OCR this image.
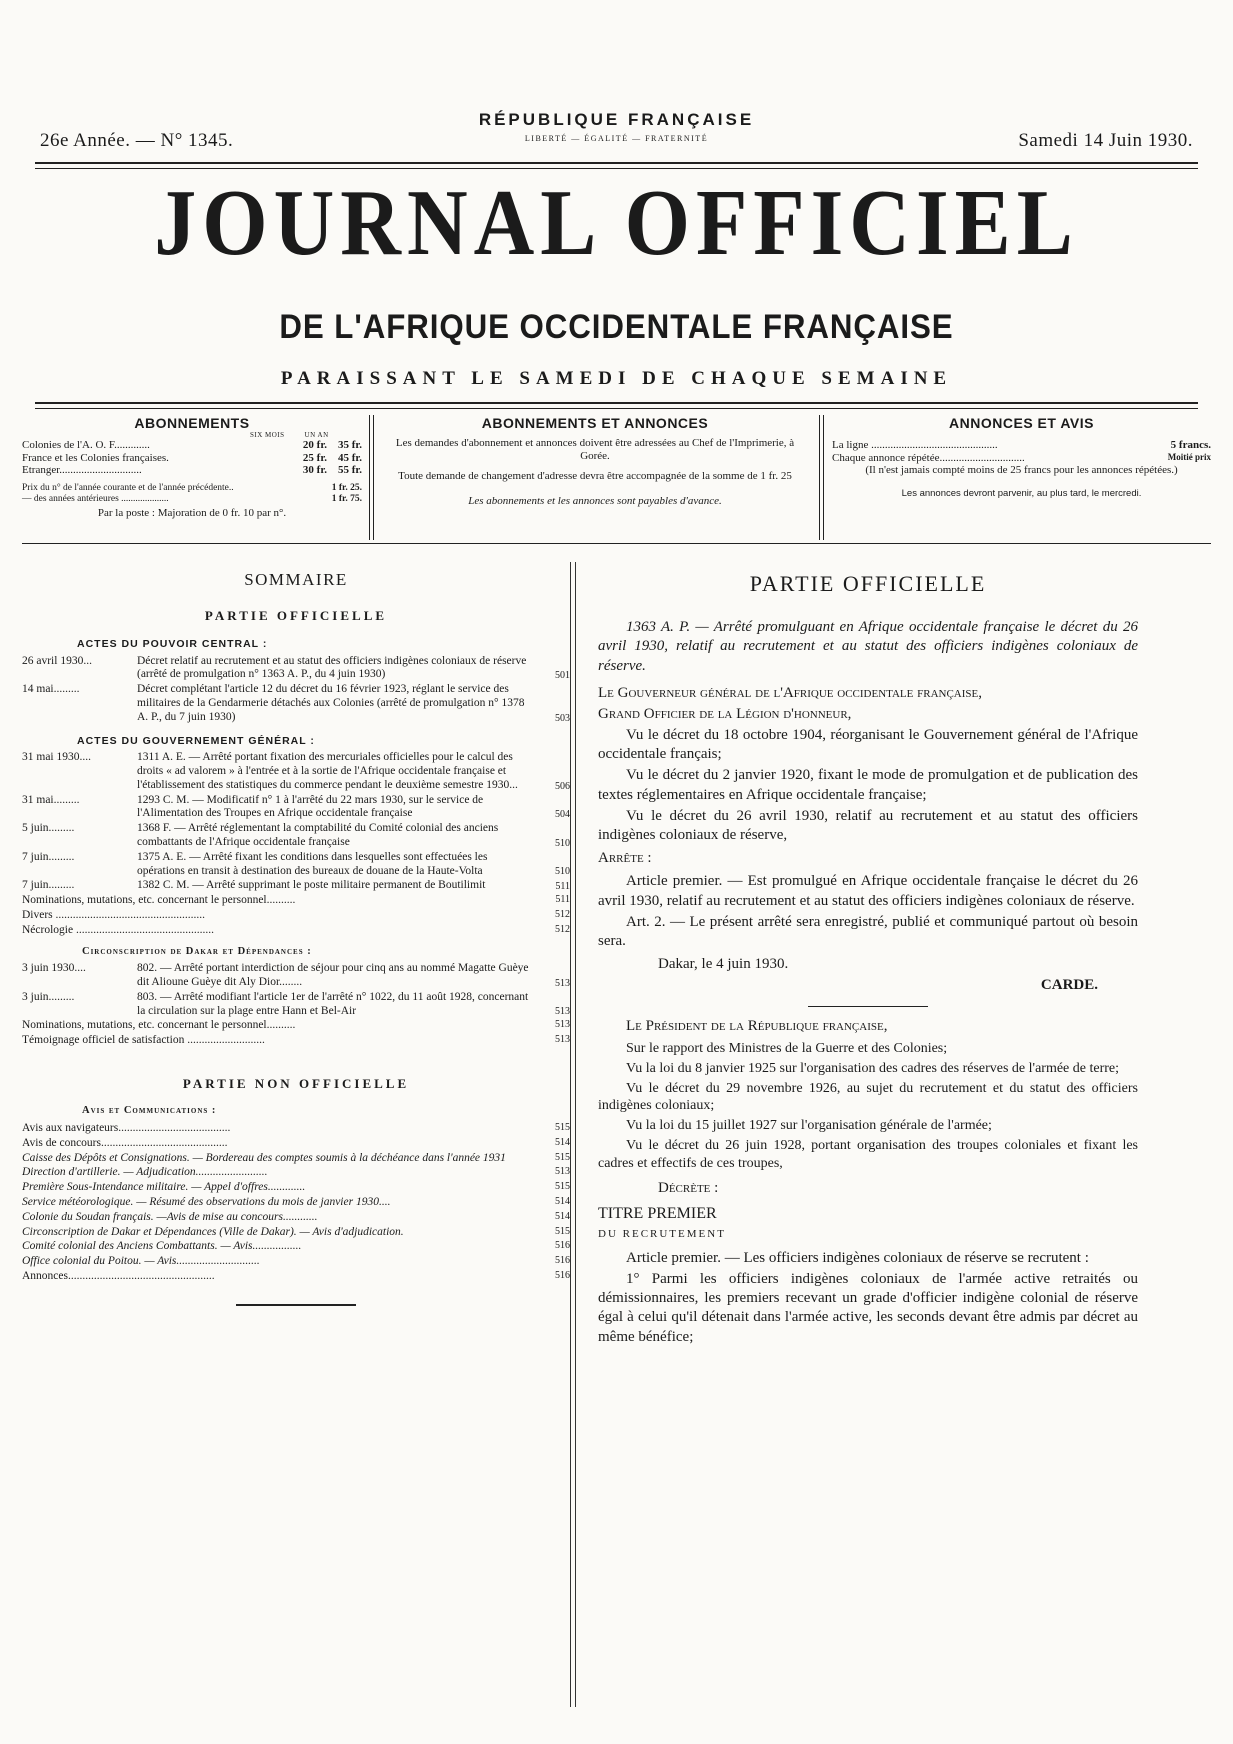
26e Année. — N° 1345.
RÉPUBLIQUE FRANÇAISE
LIBERTÉ — ÉGALITÉ — FRATERNITÉ	Samedi 14 Juin 1930.
JOURNAL OFFICIEL
DE L'AFRIQUE OCCIDENTALE FRANÇAISE
PARAISSANT LE SAMEDI DE CHAQUE SEMAINE
ABONNEMENTS
SIX MOIS	UN AN
Colonies de l'A. O. F.............	20 fr. 35 fr.
France et les Colonies françaises.	25 fr. 45 fr.
Etranger..............................	30 fr. 55 fr.
Prix du n° de l'année courante et de l'année précédente..	1 fr. 25.
— des années antérieures ....................	1 fr. 75.
Par la poste : Majoration de 0 fr. 10 par n°.
ABONNEMENTS ET ANNONCES
Les demandes d'abonnement et annonces doivent être adressées au Chef de l'Imprimerie, à Gorée.
Toute demande de changement d'adresse devra être accompagnée de la somme de 1 fr. 25
Les abonnements et les annonces sont payables d'avance.
ANNONCES ET AVIS
La ligne ..............................................	5 francs.
Chaque annonce répétée...............................	Moitié prix
(Il n'est jamais compté moins de 25 francs pour les annonces répétées.)
Les annonces devront parvenir, au plus tard, le mercredi.
SOMMAIRE
PARTIE OFFICIELLE
ACTES DU POUVOIR CENTRAL :
26 avril 1930...	Décret relatif au recrutement et au statut des officiers indigènes coloniaux de réserve (arrêté de promulgation n° 1363 A. P., du 4 juin 1930)	501
14 mai.........	Décret complétant l'article 12 du décret du 16 février 1923, réglant le service des militaires de la Gendarmerie détachés aux Colonies (arrêté de promulgation n° 1378 A. P., du 7 juin 1930)	503
ACTES DU GOUVERNEMENT GÉNÉRAL :
31 mai 1930....	1311 A. E. — Arrêté portant fixation des mercuriales officielles pour le calcul des droits « ad valorem » à l'entrée et à la sortie de l'Afrique occidentale française et l'établissement des statistiques du commerce pendant le deuxième semestre 1930...	506
31 mai.........	1293 C. M. — Modificatif n° 1 à l'arrêté du 22 mars 1930, sur le service de l'Alimentation des Troupes en Afrique occidentale française	504
5 juin.........	1368 F. — Arrêté réglementant la comptabilité du Comité colonial des anciens combattants de l'Afrique occidentale française	510
7 juin.........	1375 A. E. — Arrêté fixant les conditions dans lesquelles sont effectuées les opérations en transit à destination des bureaux de douane de la Haute-Volta	510
7 juin.........	1382 C. M. — Arrêté supprimant le poste militaire permanent de Boutilimit	511
Nominations, mutations, etc. concernant le personnel..........	511
Divers ....................................................	512
Nécrologie ................................................	512
Circonscription de Dakar et Dépendances :
3 juin 1930....	802. — Arrêté portant interdiction de séjour pour cinq ans au nommé Magatte Guèye dit Alioune Guèye dit Aly Dior........	513
3 juin.........	803. — Arrêté modifiant l'article 1er de l'arrêté n° 1022, du 11 août 1928, concernant la circulation sur la plage entre Hann et Bel-Air	513
Nominations, mutations, etc. concernant le personnel..........	513
Témoignage officiel de satisfaction ...........................	513
PARTIE NON OFFICIELLE
Avis et Communications :
Avis aux navigateurs.......................................	515
Avis de concours............................................	514
Caisse des Dépôts et Consignations. — Bordereau des comptes soumis à la déchéance dans l'année 1931	515
Direction d'artillerie. — Adjudication.........................	513
Première Sous-Intendance militaire. — Appel d'offres.............	515
Service météorologique. — Résumé des observations du mois de janvier 1930....	514
Colonie du Soudan français. —Avis de mise au concours............	514
Circonscription de Dakar et Dépendances (Ville de Dakar). — Avis d'adjudication.	515
Comité colonial des Anciens Combattants. — Avis.................	516
Office colonial du Poitou. — Avis.............................	516
Annonces...................................................	516
PARTIE OFFICIELLE

1363 A. P. — Arrêté promulguant en Afrique occidentale française le décret du 26 avril 1930, relatif au recrutement et au statut des officiers indigènes coloniaux de réserve.

Le Gouverneur général de l'Afrique occidentale française,

Grand Officier de la Légion d'honneur,

Vu le décret du 18 octobre 1904, réorganisant le Gouvernement général de l'Afrique occidentale français;

Vu le décret du 2 janvier 1920, fixant le mode de promulgation et de publication des textes réglementaires en Afrique occidentale française;

Vu le décret du 26 avril 1930, relatif au recrutement et au statut des officiers indigènes coloniaux de réserve,

Arrête :

Article premier. — Est promulgué en Afrique occidentale française le décret du 26 avril 1930, relatif au recrutement et au statut des officiers indigènes coloniaux de réserve.

Art. 2. — Le présent arrêté sera enregistré, publié et communiqué partout où besoin sera.

Dakar, le 4 juin 1930.

CARDE.

Le Président de la République française,

Sur le rapport des Ministres de la Guerre et des Colonies;

Vu la loi du 8 janvier 1925 sur l'organisation des cadres des réserves de l'armée de terre;

Vu le décret du 29 novembre 1926, au sujet du recrutement et du statut des officiers indigènes coloniaux;

Vu la loi du 15 juillet 1927 sur l'organisation générale de l'armée;

Vu le décret du 26 juin 1928, portant organisation des troupes coloniales et fixant les cadres et effectifs de ces troupes,

Décrète :

TITRE PREMIER

DU RECRUTEMENT

Article premier. — Les officiers indigènes coloniaux de réserve se recrutent :

1° Parmi les officiers indigènes coloniaux de l'armée active retraités ou démissionnaires, les premiers recevant un grade d'officier indigène colonial de réserve égal à celui qu'il détenait dans l'armée active, les seconds devant être admis par décret au même bénéfice;
